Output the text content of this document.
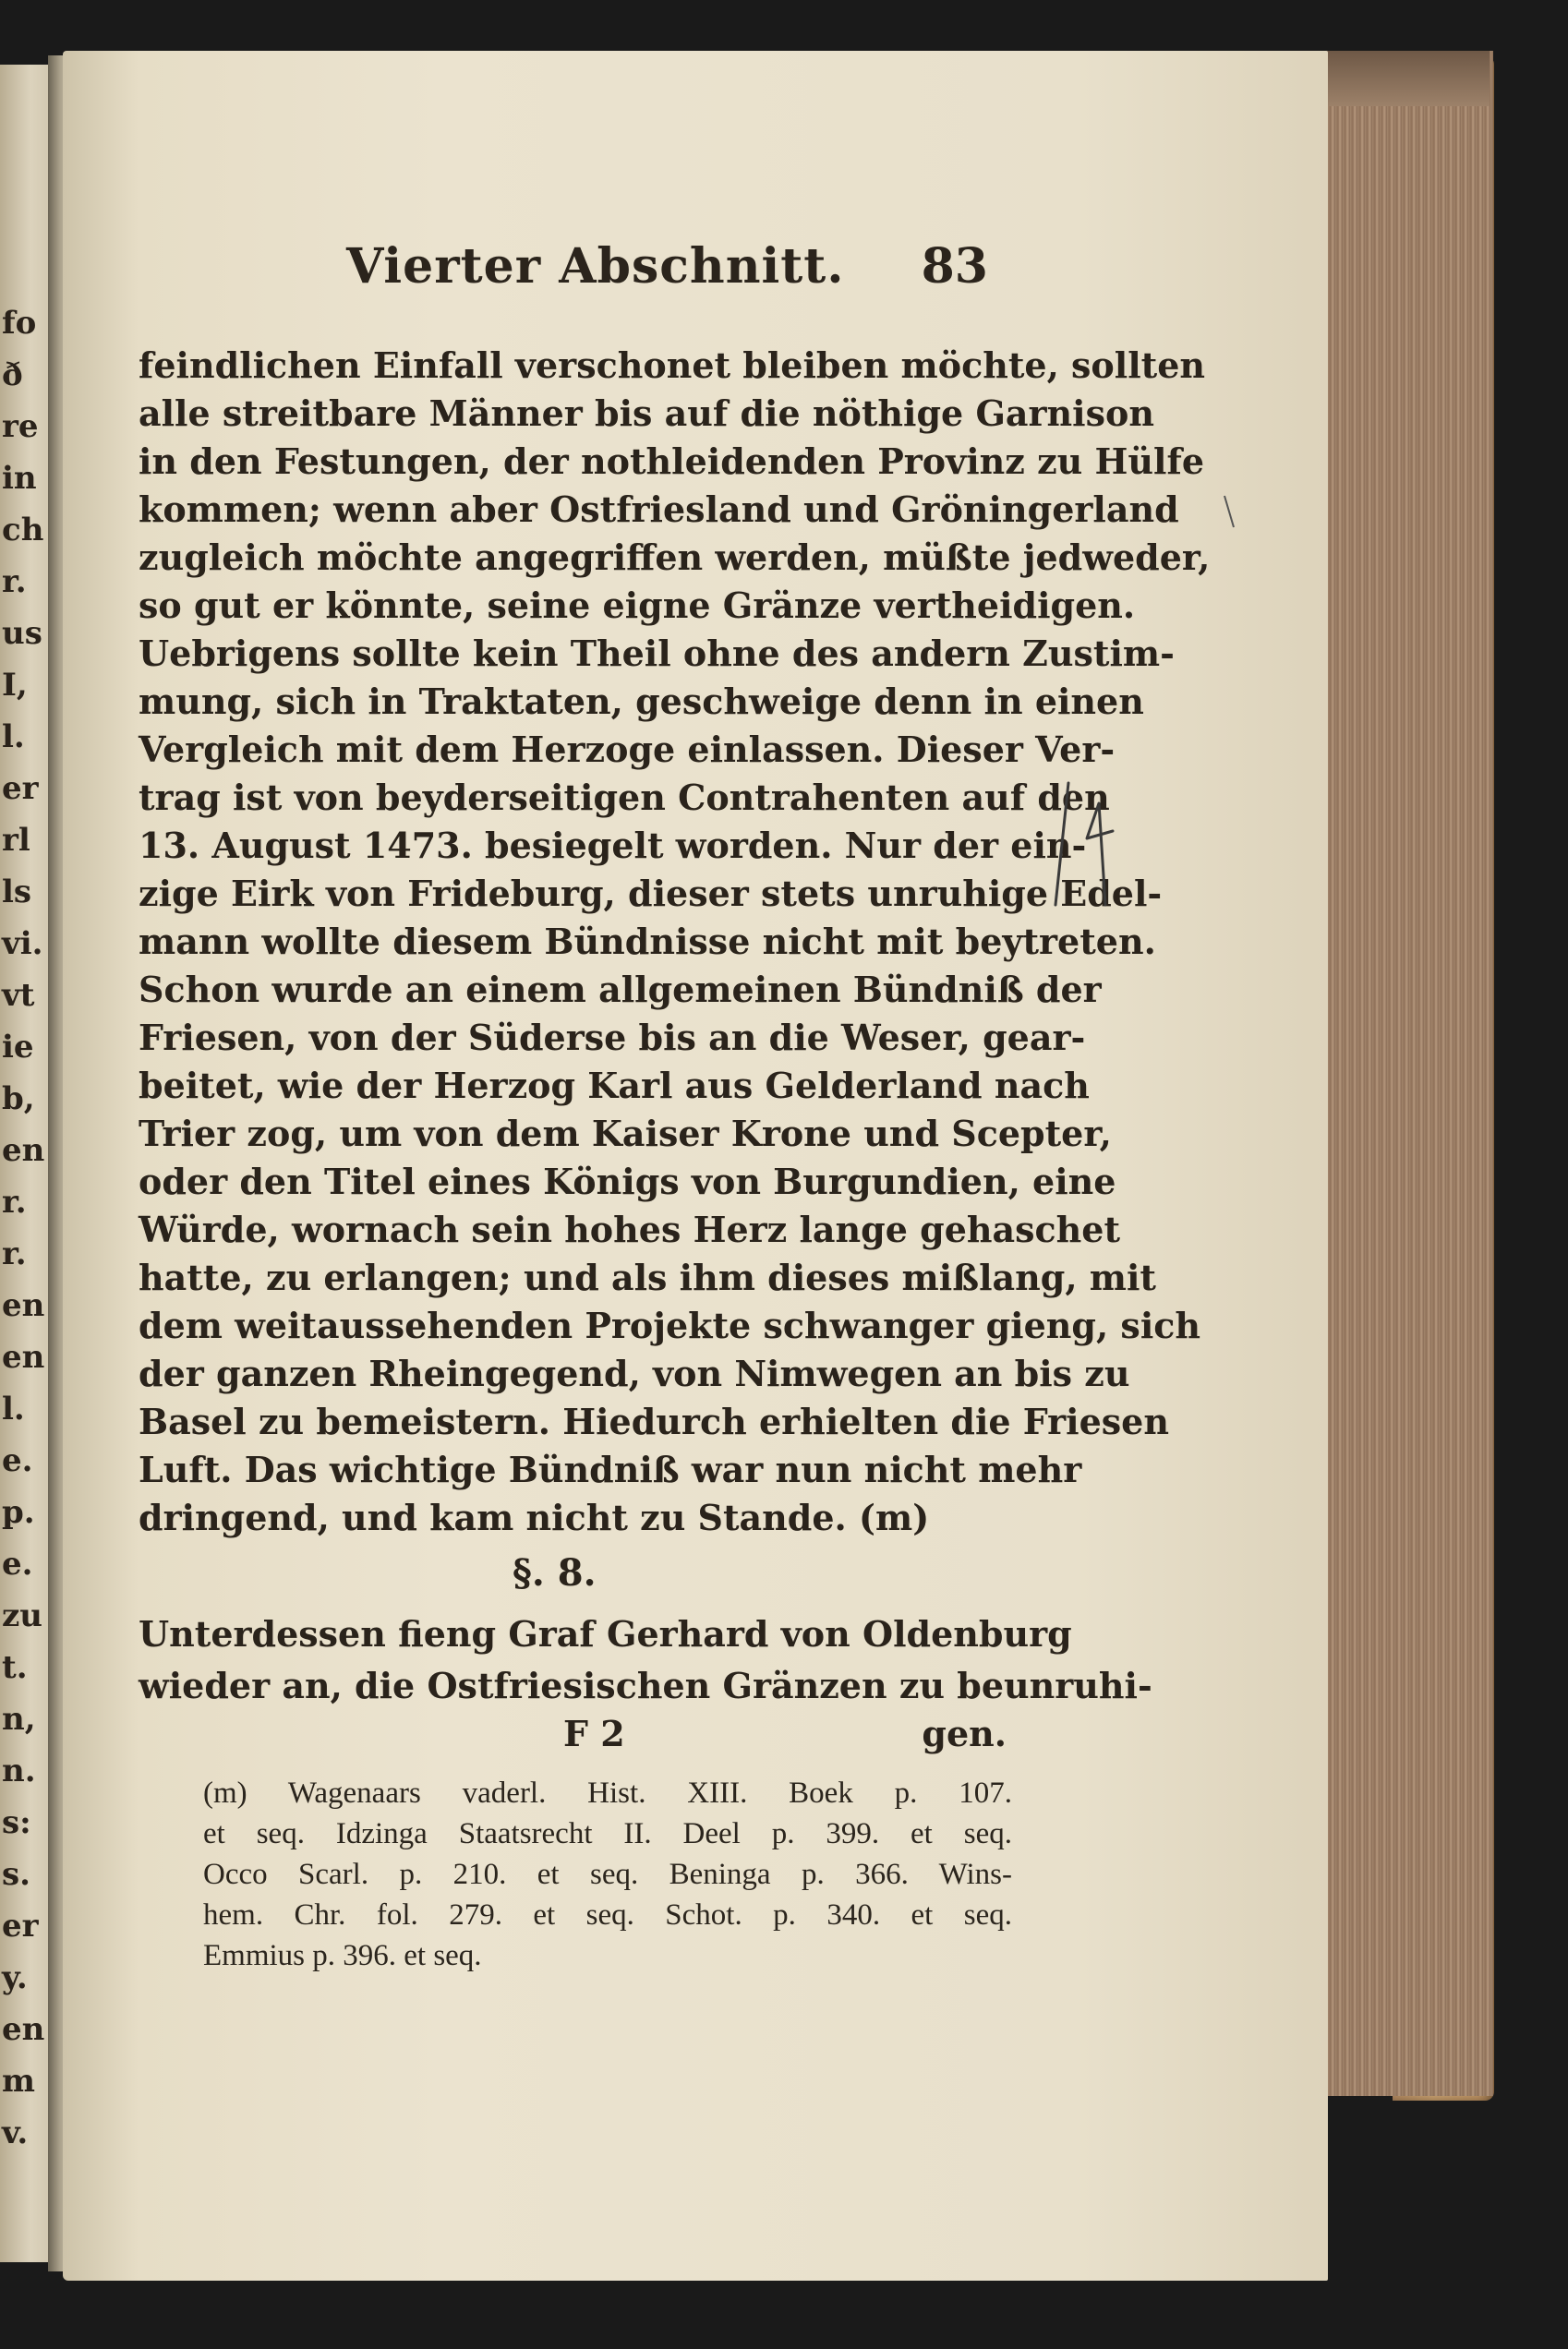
fo
ð
re
in
ch
r.
us
I,
l.
er
rl
ls
vi.
vt
ie
b,
en
r.
r.
en
en
l.
e.
p.
e.
zu
t.
n,
n.
s:
s.
er
y.
en
m
v.
Vierter Abschnitt. 83
feindlichen Einfall verschonet bleiben möchte, sollten
alle streitbare Männer bis auf die nöthige Garnison
in den Festungen, der nothleidenden Provinz zu Hülfe
kommen; wenn aber Ostfriesland und Gröningerland
zugleich möchte angegriffen werden, müßte jedweder,
so gut er könnte, seine eigne Gränze vertheidigen.
Uebrigens sollte kein Theil ohne des andern Zustim-
mung, sich in Traktaten, geschweige denn in einen
Vergleich mit dem Herzoge einlassen. Dieser Ver-
trag ist von beyderseitigen Contrahenten auf den
13. August 1473. besiegelt worden. Nur der ein-
zige Eirk von Frideburg, dieser stets unruhige Edel-
mann wollte diesem Bündnisse nicht mit beytreten.
Schon wurde an einem allgemeinen Bündniß der
Friesen, von der Süderse bis an die Weser, gear-
beitet, wie der Herzog Karl aus Gelderland nach
Trier zog, um von dem Kaiser Krone und Scepter,
oder den Titel eines Königs von Burgundien, eine
Würde, wornach sein hohes Herz lange gehaschet
hatte, zu erlangen; und als ihm dieses mißlang, mit
dem weitaussehenden Projekte schwanger gieng, sich
der ganzen Rheingegend, von Nimwegen an bis zu
Basel zu bemeistern. Hiedurch erhielten die Friesen
Luft. Das wichtige Bündniß war nun nicht mehr
dringend, und kam nicht zu Stande. (m)
§. 8.
Unterdessen fieng Graf Gerhard von Oldenburg
wieder an, die Ostfriesischen Gränzen zu beunruhi-
F 2	gen.
(m) Wagenaars vaderl. Hist. XIII. Boek p. 107.
et seq. Idzinga Staatsrecht II. Deel p. 399. et seq.
Occo Scarl. p. 210. et seq. Beninga p. 366. Wins-
hem. Chr. fol. 279. et seq. Schot. p. 340. et seq.
Emmius p. 396. et seq.
